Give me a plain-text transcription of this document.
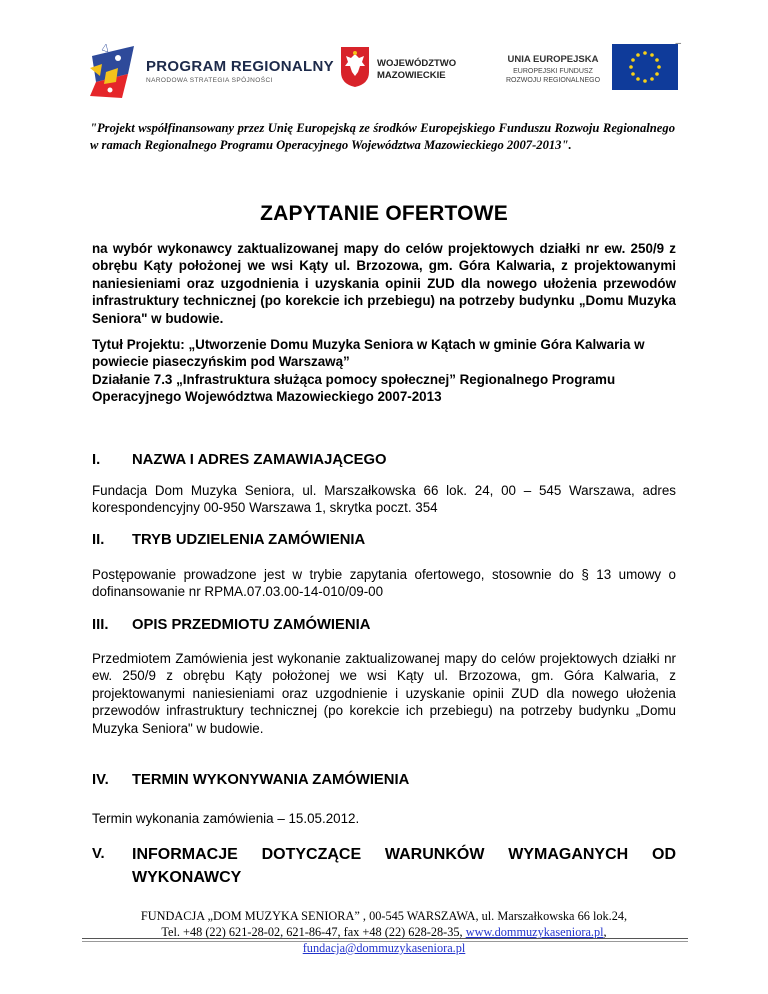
PROGRAM REGIONALNY
NARODOWA STRATEGIA SPÓJNOŚCI
WOJEWÓDZTWO
MAZOWIECKIE
UNIA EUROPEJSKA
EUROPEJSKI FUNDUSZ
ROZWOJU REGIONALNEGO
–
"Projekt współfinansowany przez Unię Europejską ze środków Europejskiego Funduszu Rozwoju Regionalnego w ramach Regionalnego Programu Operacyjnego Województwa Mazowieckiego 2007-2013".
ZAPYTANIE OFERTOWE
na wybór wykonawcy zaktualizowanej mapy do celów projektowych działki nr ew. 250/9 z obrębu Kąty położonej we wsi Kąty ul. Brzozowa, gm. Góra Kalwaria, z projektowanymi naniesieniami oraz uzgodnienia i uzyskania opinii ZUD dla nowego ułożenia przewodów infrastruktury technicznej (po korekcie ich przebiegu) na potrzeby budynku „Domu Muzyka Seniora" w budowie.
Tytuł Projektu: „Utworzenie Domu Muzyka Seniora w Kątach w gminie Góra Kalwaria w powiecie piaseczyńskim pod Warszawą”
Działanie 7.3 „Infrastruktura służąca pomocy społecznej” Regionalnego Programu Operacyjnego Województwa Mazowieckiego 2007-2013
I. NAZWA I ADRES ZAMAWIAJĄCEGO
Fundacja Dom Muzyka Seniora, ul. Marszałkowska 66 lok. 24, 00 – 545 Warszawa, adres korespondencyjny 00-950 Warszawa 1, skrytka poczt. 354
II. TRYB UDZIELENIA ZAMÓWIENIA
Postępowanie prowadzone jest w trybie zapytania ofertowego, stosownie do § 13 umowy o dofinansowanie nr RPMA.07.03.00-14-010/09-00
III. OPIS PRZEDMIOTU ZAMÓWIENIA
Przedmiotem Zamówienia jest wykonanie zaktualizowanej mapy do celów projektowych działki nr ew. 250/9 z obrębu Kąty położonej we wsi Kąty ul. Brzozowa, gm. Góra Kalwaria, z projektowanymi naniesieniami oraz uzgodnienie i uzyskanie opinii ZUD dla nowego ułożenia przewodów infrastruktury technicznej (po korekcie ich przebiegu) na potrzeby budynku „Domu Muzyka Seniora" w budowie.
IV. TERMIN WYKONYWANIA ZAMÓWIENIA
Termin wykonania zamówienia – 15.05.2012.
V.	INFORMACJE DOTYCZĄCE WARUNKÓW WYMAGANYCH OD WYKONAWCY
FUNDACJA „DOM MUZYKA SENIORA” , 00-545 WARSZAWA, ul. Marszałkowska 66 lok.24,
Tel. +48 (22) 621-28-02, 621-86-47, fax +48 (22) 628-28-35, www.dommuzykaseniora.pl,
fundacja@dommuzykaseniora.pl
